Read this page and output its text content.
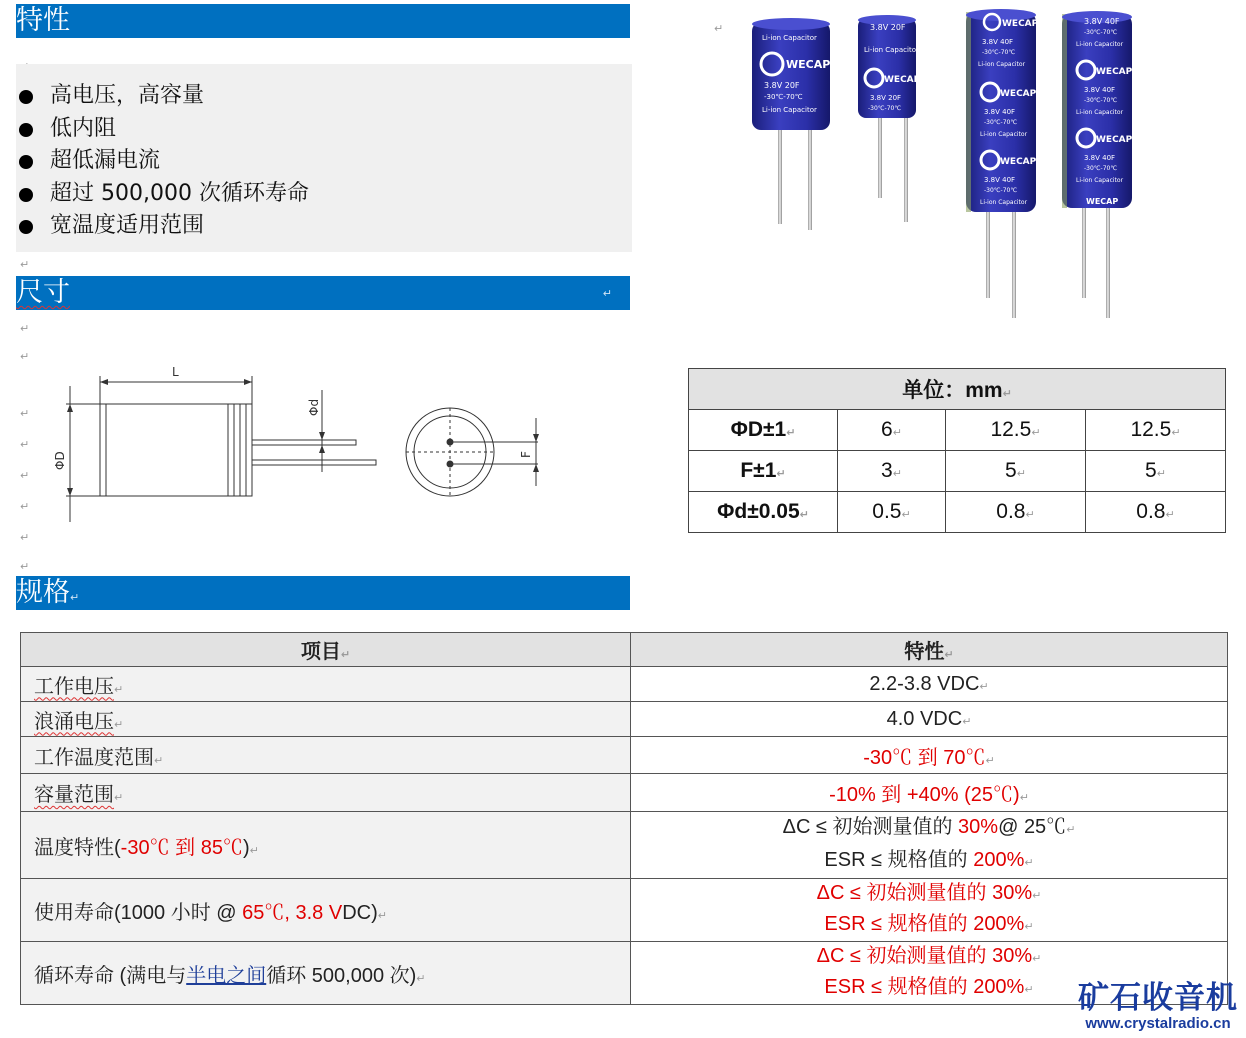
特性
高电压，高容量
低内阻
超低漏电流
超过 500,000 次循环寿命
宽温度适用范围
↵
尺寸	↵
↵
↵
↵
↵
↵
↵
↵
↵
L
ΦD
Φd
F
↵
WECAP
Li-ion Capacitor
3.8V 20F
-30℃-70℃
Li-ion Capacitor
3.8V 20F
Li-ion Capacitor
WECAP
3.8V 20F
-30℃-70℃
WECAP
3.8V 40F
-30℃-70℃
Li-ion Capacitor
WECAP
3.8V 40F
-30℃-70℃
Li-ion Capacitor
WECAP
3.8V 40F
-30℃-70℃
Li-ion Capacitor
3.8V 40F
-30℃-70℃
Li-ion Capacitor
WECAP
3.8V 40F
-30℃-70℃
Li-ion Capacitor
WECAP
3.8V 40F
-30℃-70℃
Li-ion Capacitor
WECAP
单位：mm↵			
ΦD±1↵	6↵	12.5↵	12.5↵
F±1↵	3↵	5↵	5↵
Φd±0.05↵	0.5↵	0.8↵	0.8↵
规格↵
项目↵	特性↵
工作电压↵	2.2-3.8 VDC↵
浪涌电压↵	4.0 VDC↵
工作温度范围↵	-30℃ 到 70℃↵
容量范围↵	-10% 到 +40% (25℃)↵
温度特性(-30℃ 到 85℃)↵	ΔC ≤ 初始测量值的 30%@ 25℃↵
ESR ≤ 规格值的 200%↵

使用寿命(1000 小时 @ 65℃, 3.8 VDC)↵	ΔC ≤ 初始测量值的 30%↵
ESR ≤ 规格值的 200%↵

循环寿命 (满电与半电之间循环 500,000 次)↵	ΔC ≤ 初始测量值的 30%↵
ESR ≤ 规格值的 200%↵	矿石收音机
www.crystalradio.cn
